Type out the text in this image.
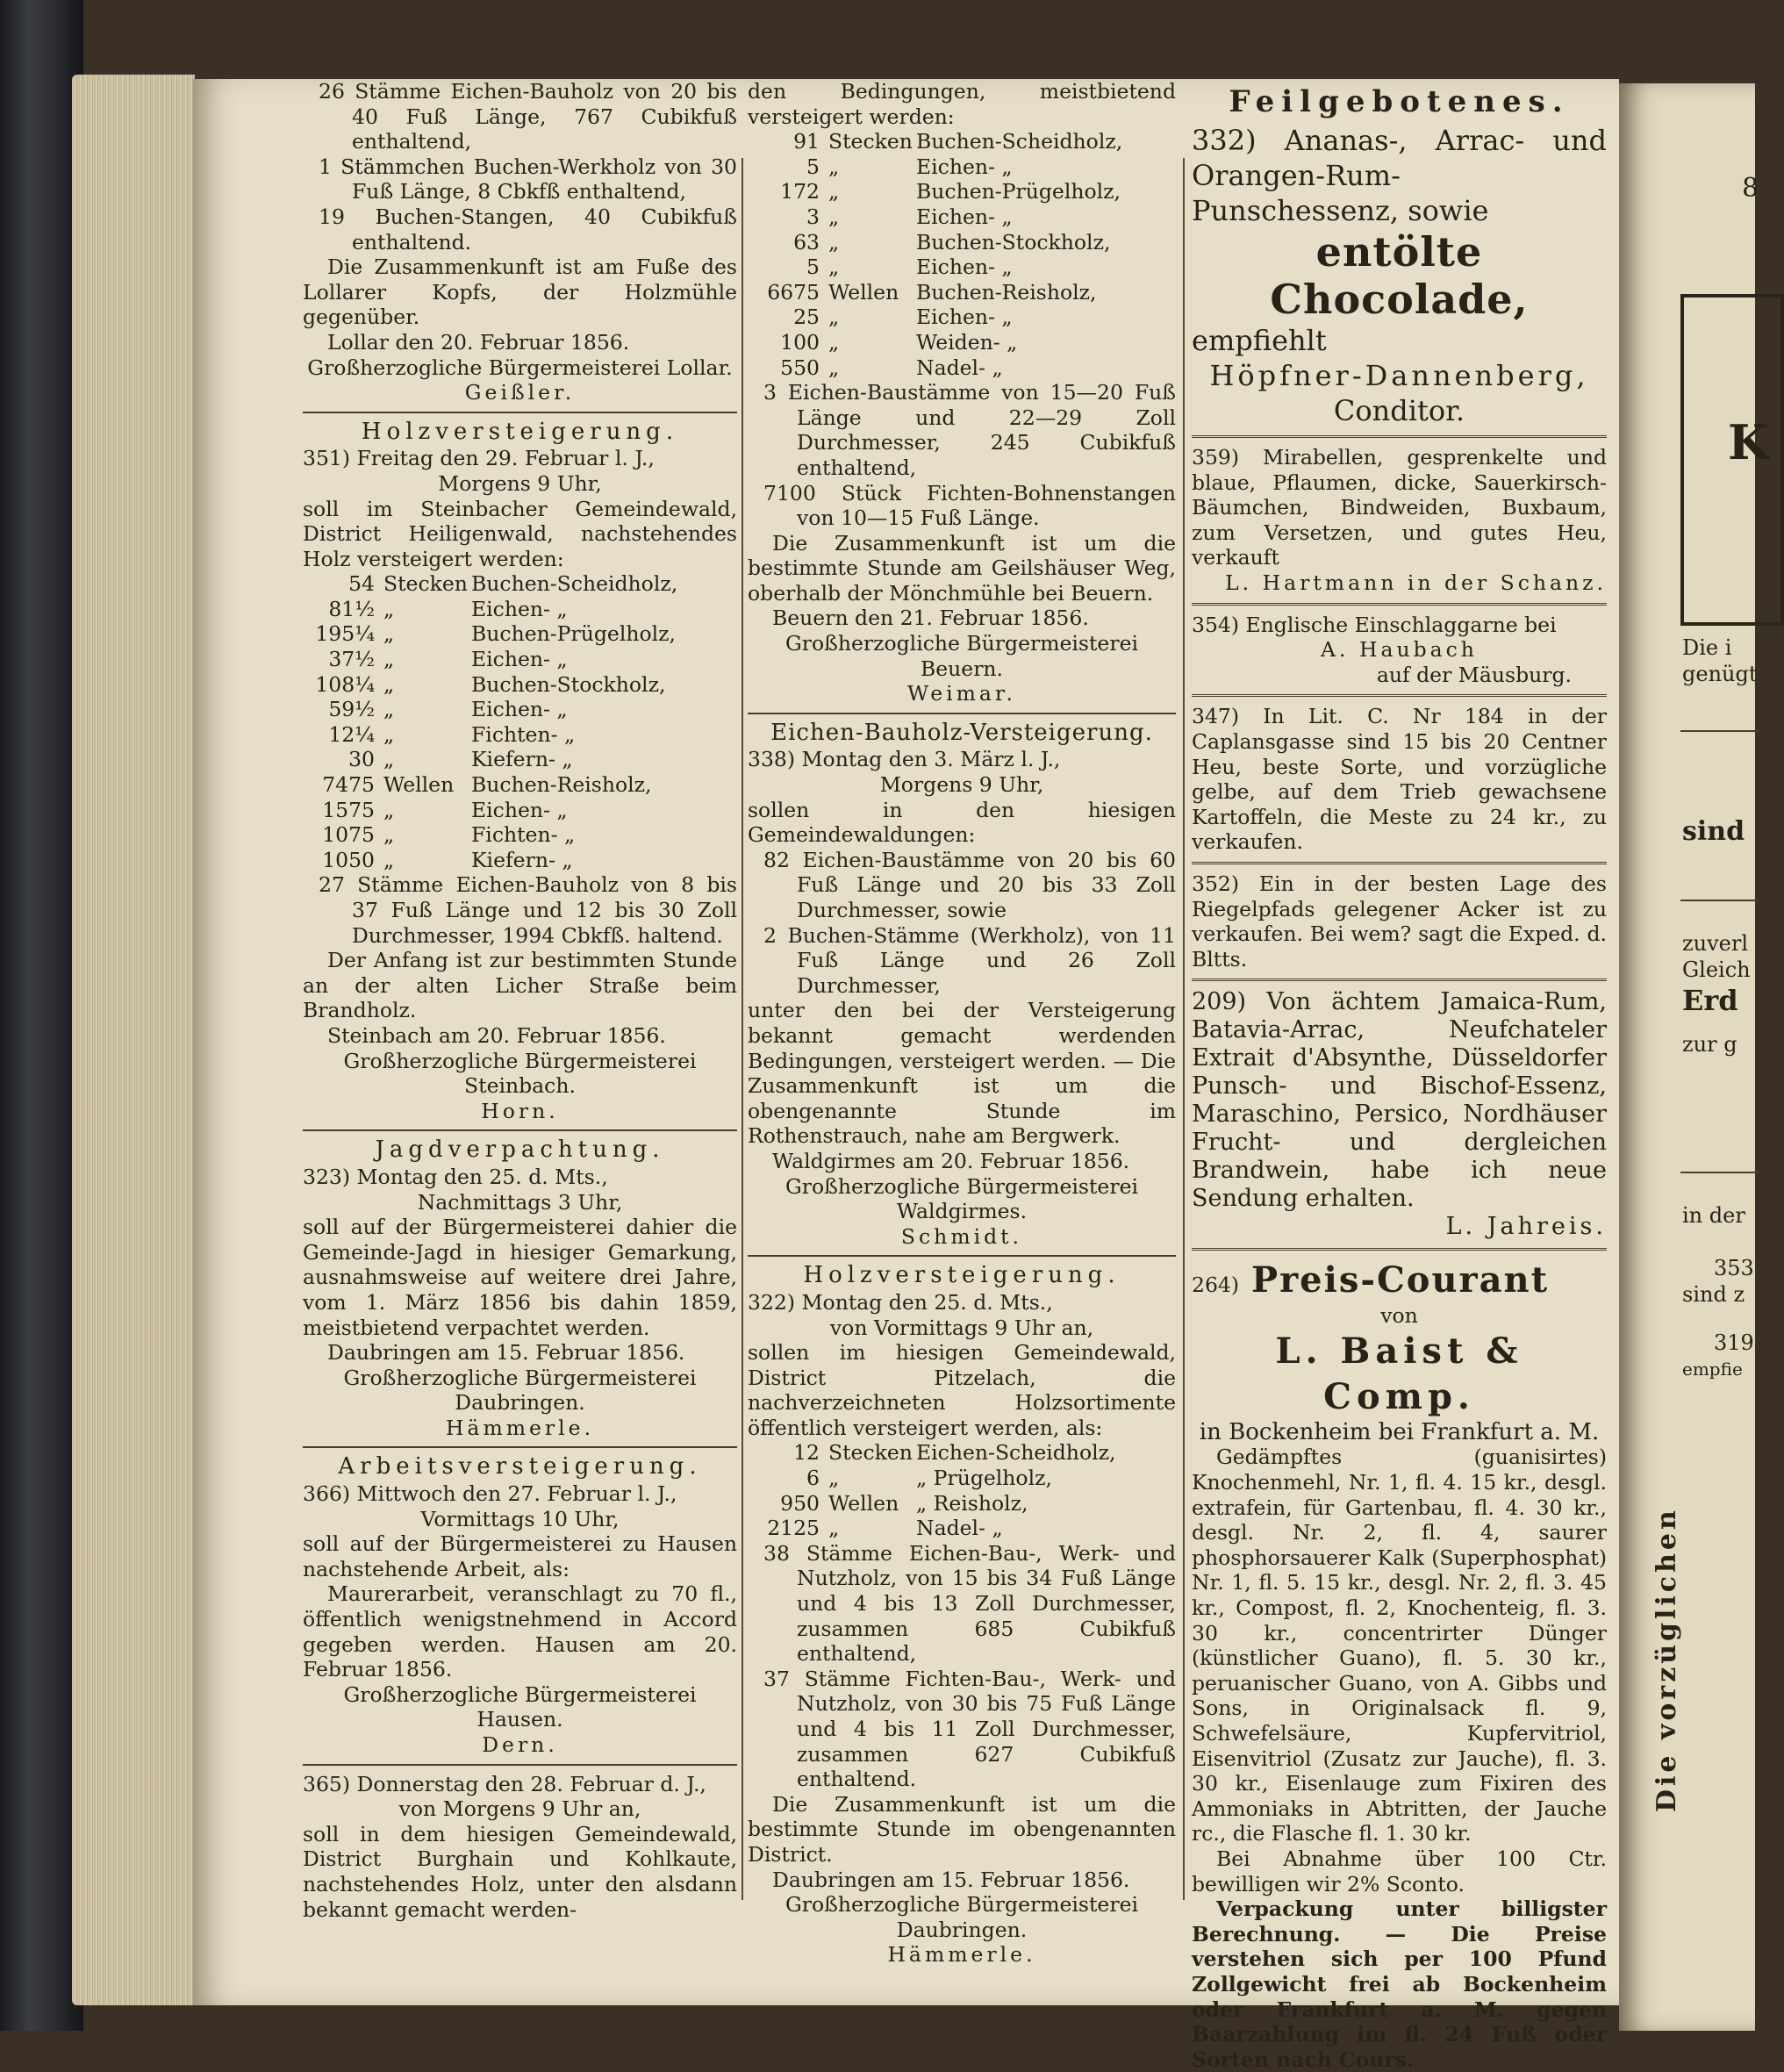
26 Stämme Eichen-Bauholz von 20 bis 40 Fuß Länge, 767 Cubikfuß enthaltend,

1 Stämmchen Buchen-Werkholz von 30 Fuß Länge, 8 Cbkfß enthaltend,

19 Buchen-Stangen, 40 Cubikfuß enthaltend.

Die Zusammenkunft ist am Fuße des Lollarer Kopfs, der Holzmühle gegenüber.

Lollar den 20. Februar 1856.

Großherzogliche Bürgermeisterei Lollar.

Geißler.

Holzversteigerung.

351) Freitag den 29. Februar l. J.,

Morgens 9 Uhr,

soll im Steinbacher Gemeindewald, District Heiligenwald, nachstehendes Holz versteigert werden:

54 Stecken Buchen-Scheidholz,
81½ „	Eichen- „
195¼ „	Buchen-Prügelholz,
37½ „	Eichen- „
108¼ „	Buchen-Stockholz,
59½ „	Eichen- „
12¼ „	Fichten- „
30 „	Kiefern- „
7475 Wellen Buchen-Reisholz,
1575 „	Eichen- „
1075 „	Fichten- „
1050 „	Kiefern- „

27 Stämme Eichen-Bauholz von 8 bis 37 Fuß Länge und 12 bis 30 Zoll Durchmesser, 1994 Cbkfß. haltend.

Der Anfang ist zur bestimmten Stunde an der alten Licher Straße beim Brandholz.

Steinbach am 20. Februar 1856.

Großherzogliche Bürgermeisterei Steinbach.

Horn.

Jagdverpachtung.

323) Montag den 25. d. Mts.,

Nachmittags 3 Uhr,

soll auf der Bürgermeisterei dahier die Gemeinde-Jagd in hiesiger Gemarkung, ausnahmsweise auf weitere drei Jahre, vom 1. März 1856 bis dahin 1859, meistbietend verpachtet werden.

Daubringen am 15. Februar 1856.

Großherzogliche Bürgermeisterei Daubringen.

Hämmerle.

Arbeitsversteigerung.

366) Mittwoch den 27. Februar l. J.,

Vormittags 10 Uhr,

soll auf der Bürgermeisterei zu Hausen nachstehende Arbeit, als:

Maurerarbeit, veranschlagt zu 70 fl., öffentlich wenigstnehmend in Accord gegeben werden. Hausen am 20. Februar 1856.

Großherzogliche Bürgermeisterei Hausen.

Dern.

365) Donnerstag den 28. Februar d. J.,

von Morgens 9 Uhr an,

soll in dem hiesigen Gemeindewald, District Burghain und Kohlkaute, nachstehendes Holz, unter den alsdann bekannt gemacht werden-

den Bedingungen, meistbietend versteigert werden:

91 Stecken Buchen-Scheidholz,
5 „	Eichen- „
172 „	Buchen-Prügelholz,
3 „	Eichen- „
63 „	Buchen-Stockholz,
5 „	Eichen- „
6675 Wellen Buchen-Reisholz,
25 „	Eichen- „
100 „	Weiden- „
550 „	Nadel- „

3 Eichen-Baustämme von 15—20 Fuß Länge und 22—29 Zoll Durchmesser, 245 Cubikfuß enthaltend,

7100 Stück Fichten-Bohnenstangen von 10—15 Fuß Länge.

Die Zusammenkunft ist um die bestimmte Stunde am Geilshäuser Weg, oberhalb der Mönchmühle bei Beuern.

Beuern den 21. Februar 1856.

Großherzogliche Bürgermeisterei Beuern.

Weimar.

Eichen-Bauholz-Versteigerung.

338) Montag den 3. März l. J.,

Morgens 9 Uhr,

sollen in den hiesigen Gemeindewaldungen:

82 Eichen-Baustämme von 20 bis 60 Fuß Länge und 20 bis 33 Zoll Durchmesser, sowie

2 Buchen-Stämme (Werkholz), von 11 Fuß Länge und 26 Zoll Durchmesser,

unter den bei der Versteigerung bekannt gemacht werdenden Bedingungen, versteigert werden. — Die Zusammenkunft ist um die obengenannte Stunde im Rothenstrauch, nahe am Bergwerk.

Waldgirmes am 20. Februar 1856.

Großherzogliche Bürgermeisterei Waldgirmes.

Schmidt.

Holzversteigerung.

322) Montag den 25. d. Mts.,

von Vormittags 9 Uhr an,

sollen im hiesigen Gemeindewald, District Pitzelach, die nachverzeichneten Holzsortimente öffentlich versteigert werden, als:

12 Stecken Eichen-Scheidholz,
6 „	„ Prügelholz,
950 Wellen „ Reisholz,
2125 „	Nadel- „

38 Stämme Eichen-Bau-, Werk- und Nutzholz, von 15 bis 34 Fuß Länge und 4 bis 13 Zoll Durchmesser, zusammen 685 Cubikfuß enthaltend,

37 Stämme Fichten-Bau-, Werk- und Nutzholz, von 30 bis 75 Fuß Länge und 4 bis 11 Zoll Durchmesser, zusammen 627 Cubikfuß enthaltend.

Die Zusammenkunft ist um die bestimmte Stunde im obengenannten District.

Daubringen am 15. Februar 1856.

Großherzogliche Bürgermeisterei Daubringen.

Hämmerle.

Feilgebotenes.

332) Ananas-, Arrac- und Orangen-Rum-Punschessenz, sowie

entölte Chocolade,

empfiehlt

Höpfner-Dannenberg,

Conditor.

359) Mirabellen, gesprenkelte und blaue, Pflaumen, dicke, Sauerkirsch-Bäumchen, Bindweiden, Buxbaum, zum Versetzen, und gutes Heu, verkauft

L. Hartmann in der Schanz.

354) Englische Einschlaggarne bei

A. Haubach

auf der Mäusburg.

347) In Lit. C. Nr 184 in der Caplansgasse sind 15 bis 20 Centner Heu, beste Sorte, und vorzügliche gelbe, auf dem Trieb gewachsene Kartoffeln, die Meste zu 24 kr., zu verkaufen.

352) Ein in der besten Lage des Riegelpfads gelegener Acker ist zu verkaufen. Bei wem? sagt die Exped. d. Bltts.

209) Von ächtem Jamaica-Rum, Batavia-Arrac, Neufchateler Extrait d'Absynthe, Düsseldorfer Punsch- und Bischof-Essenz, Maraschino, Persico, Nordhäuser Frucht- und dergleichen Brandwein, habe ich neue Sendung erhalten.

L. Jahreis.

264) Preis-Courant

von

L. Baist & Comp.

in Bockenheim bei Frankfurt a. M.

Gedämpftes (guanisirtes) Knochenmehl, Nr. 1, fl. 4. 15 kr., desgl. extrafein, für Gartenbau, fl. 4. 30 kr., desgl. Nr. 2, fl. 4, saurer phosphorsauerer Kalk (Superphosphat) Nr. 1, fl. 5. 15 kr., desgl. Nr. 2, fl. 3. 45 kr., Compost, fl. 2, Knochenteig, fl. 3. 30 kr., concentrirter Dünger (künstlicher Guano), fl. 5. 30 kr., peruanischer Guano, von A. Gibbs und Sons, in Originalsack fl. 9, Schwefelsäure, Kupfervitriol, Eisenvitriol (Zusatz zur Jauche), fl. 3. 30 kr., Eisenlauge zum Fixiren des Ammoniaks in Abtritten, der Jauche rc., die Flasche fl. 1. 30 kr.

Bei Abnahme über 100 Ctr. bewilligen wir 2% Sconto.

Verpackung unter billigster Berechnung. — Die Preise verstehen sich per 100 Pfund Zollgewicht frei ab Bockenheim oder Frankfurt a. M. gegen Baarzahlung im fl. 24 Fuß oder Sorten nach Cours.

8
K
Die i
genügt
sind
zuverl
Gleich
Erd
zur g
in der
353
sind z
319
empfie
Die vorzüglichen
